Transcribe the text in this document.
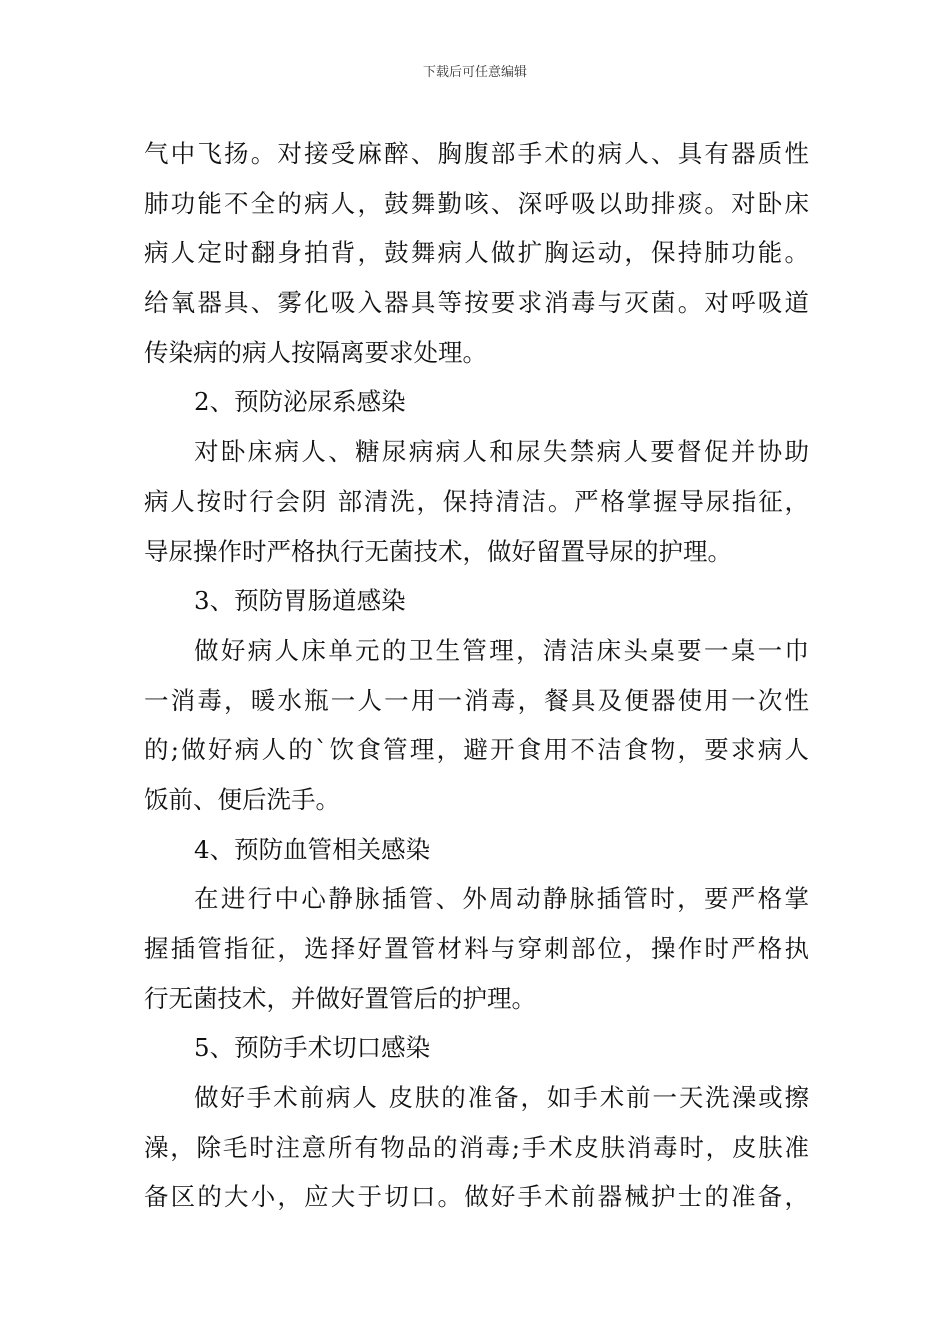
下载后可任意编辑
气中飞扬。对接受麻醉、胸腹部手术的病人、具有器质性
肺功能不全的病人，鼓舞勤咳、深呼吸以助排痰。对卧床
病人定时翻身拍背，鼓舞病人做扩胸运动，保持肺功能。
给氧器具、雾化吸入器具等按要求消毒与灭菌。对呼吸道
传染病的病人按隔离要求处理。
2、预防泌尿系感染
对卧床病人、糖尿病病人和尿失禁病人要督促并协助
病人按时行会阴 部清洗，保持清洁。严格掌握导尿指征，
导尿操作时严格执行无菌技术，做好留置导尿的护理。
3、预防胃肠道感染
做好病人床单元的卫生管理，清洁床头桌要一桌一巾
一消毒，暖水瓶一人一用一消毒，餐具及便器使用一次性
的;做好病人的`饮食管理，避开食用不洁食物，要求病人
饭前、便后洗手。
4、预防血管相关感染
在进行中心静脉插管、外周动静脉插管时，要严格掌
握插管指征，选择好置管材料与穿刺部位，操作时严格执
行无菌技术，并做好置管后的护理。
5、预防手术切口感染
做好手术前病人 皮肤的准备，如手术前一天洗澡或擦
澡，除毛时注意所有物品的消毒;手术皮肤消毒时，皮肤准
备区的大小，应大于切口。做好手术前器械护士的准备，
